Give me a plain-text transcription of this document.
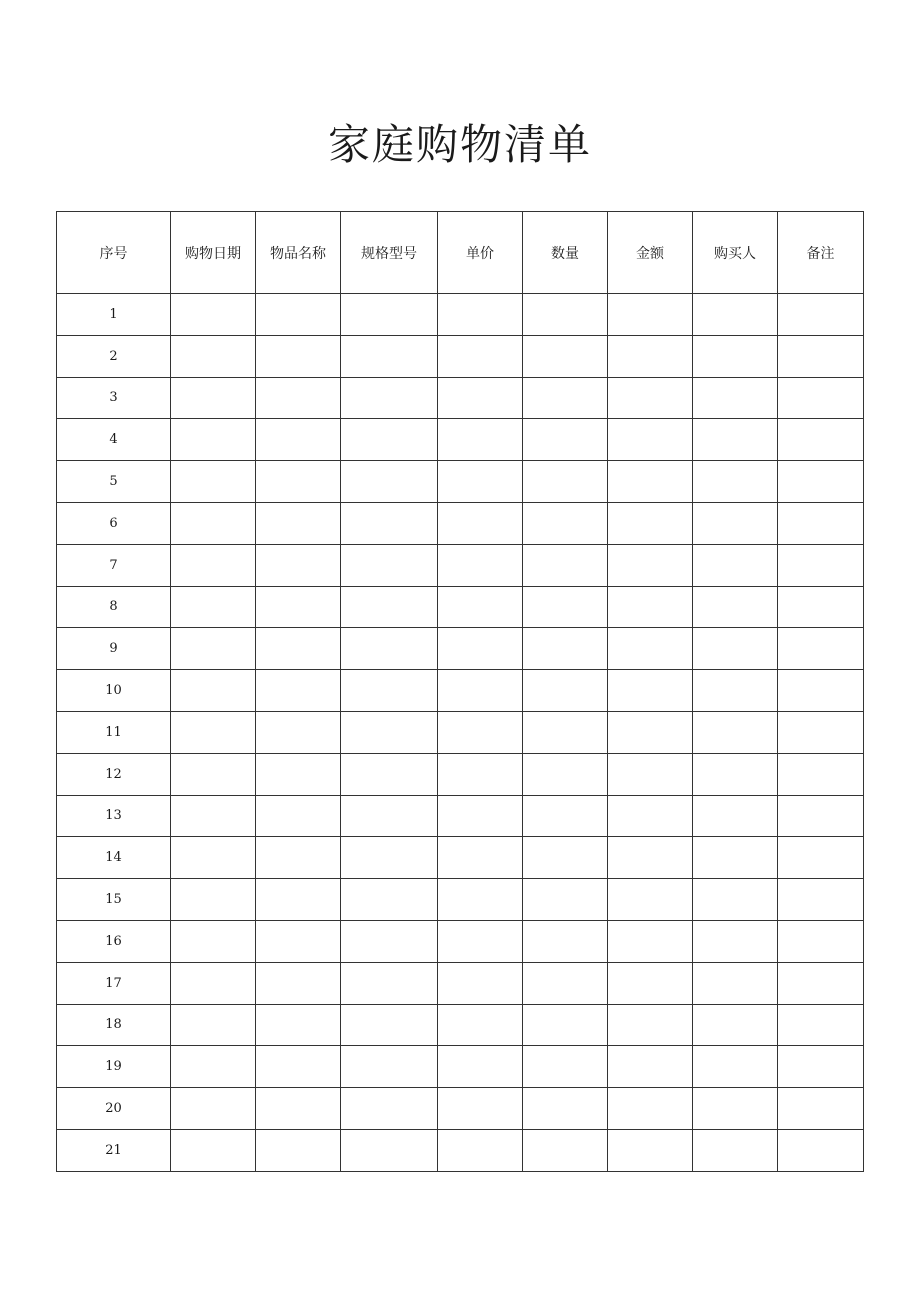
家庭购物清单
序号	购物日期	物品名称	规格型号	单价	数量	金额	购买人	备注
1								
2								
3								
4								
5								
6								
7								
8								
9								
10								
11								
12								
13								
14								
15								
16								
17								
18								
19								
20								
21								
